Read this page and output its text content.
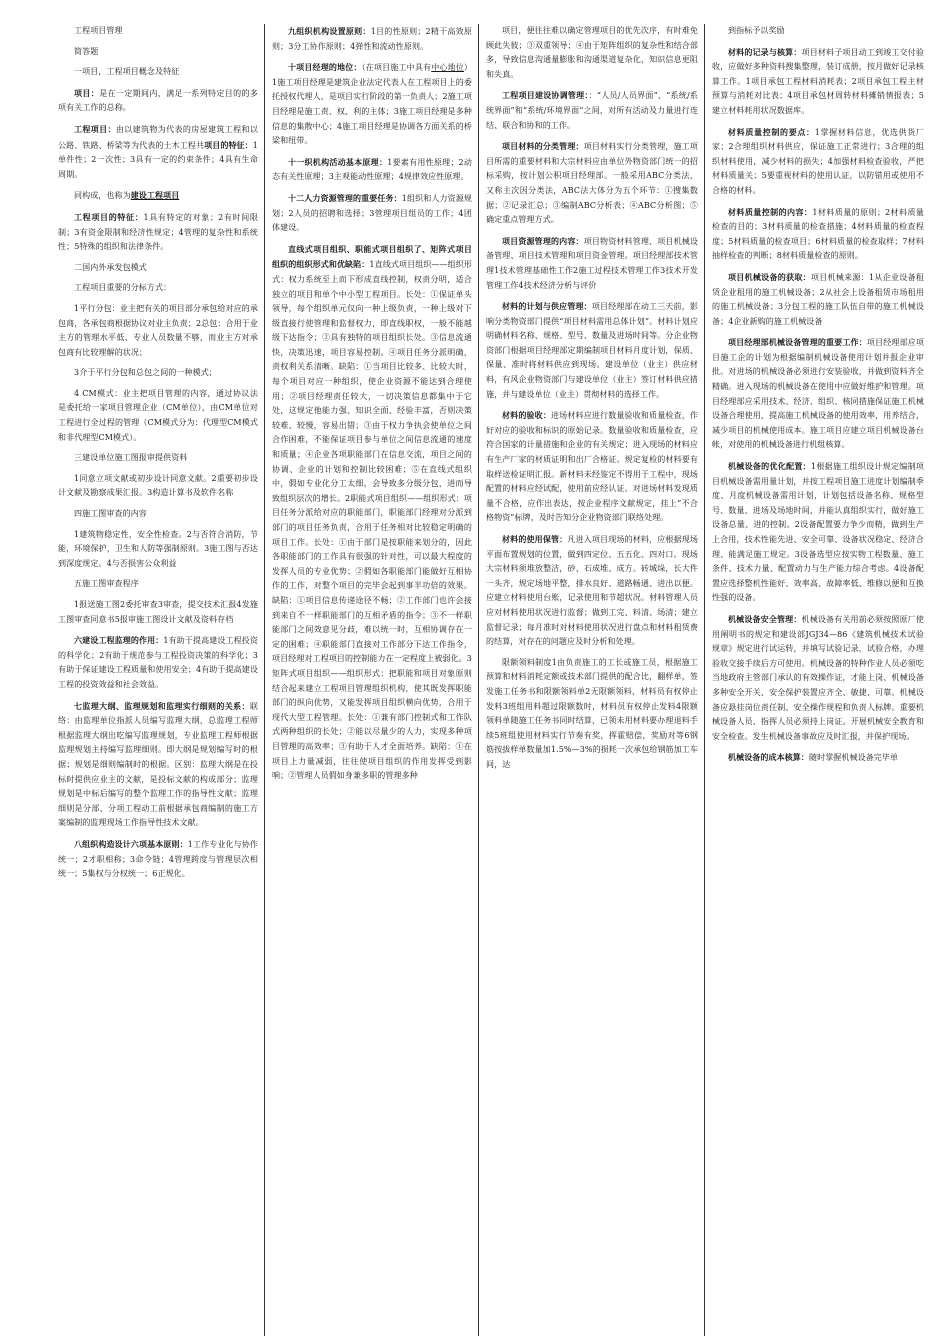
工程项目管理

简答题

一项目，工程项目概念及特征

项目：是在一定期间内，满足一系列特定目的的多项有关工作的总称。

工程项目：由以建筑物为代表的房屋建筑工程和以公路、铁路、桥梁等为代表的土木工程共项目的特征：1单件性；2一次性；3具有一定的约束条件；4具有生命周期。

同构成，也称为建设工程项目

工程项目的特征：1具有特定的对象；2有时间限制；3有资金限制和经济性规定；4管理的复杂性和系统性；5特殊的组织和法律条件。

二国内外承发包模式

工程项目重要的分标方式：

1平行分包：业主把有关的项目部分承包给对应的承包商，各承包商根据协议对业主负责；2总包：合用于业主方的管理水平低、专业人员数量不够，而业主方对承包商有比较理解的状况；

3介于平行分包和总包之间的一种模式；

4 CM模式：业主把项目管理的内容，通过协议法是委托给一家项目管理企业（CM单位），由CM单位对工程进行全过程的管理（CM模式分为：代理型CM模式和非代理型CM模式）。

三建设单位施工图报审提供资料

1同意立项文献或初步设计同意文献。2重要初步设计文献及勘察成果汇报。3构造计算书及软件名称

四施工图审查的内容

1建筑物稳定性，安全性检查。2与否符合消防，节能，环境保护，卫生和人防等强制原则。3施工图与否达到深度规定。4与否损害公众利益

五施工图审查程序

1报送施工图2委托审查3审查，提交技术汇报4发施工图审查同意书5报审施工图设计文献及资料存档

六建设工程监理的作用：1有助于提高建设工程投资的科学化；2有助于规范参与工程投资决策的科学化；3有助于保证建设工程质量和使用安全；4有助于提高建设工程的投资效益和社会效益。

七监理大纲、监理规划和监理实行细则的关系：联络：由监理单位指派人员编写监理大纲，总监理工程师根据监理大纲出吃编写监理规划，专业监理工程师根据监理规划主持编写监理细则。即大纲是规划编写时的根据；规划是细则编制时的根据。区别：监理大纲是在投标时提供应业主的文献，是投标文献的构成部分；监理规划是中标后编写的整个监理工作的指导性文献；监理细则是分部、分项工程动工前根据承包商编制的施工方案编制的监理现场工作指导性技术文献。

八组织构造设计六项基本原则：1工作专业化与协作统一；2才职相称；3命令链；4管理跨度与管理层次相统一；5集权与分权统一；6正规化。

九组织机构设置原则：1目的性原则；2精干高效原则；3分工协作原则；4弹性和流动性原则。

十项目经理的地位：（在项目施工中具有中心地位）1施工项目经理是建筑企业法定代表人在工程项目上的委托授权代理人，是项目实行阶段的第一负责人；2施工项目经理是施工责、权、利的主体；3施工项目经理是多种信息的集散中心；4施工项目经理是协调各方面关系的桥梁和纽带。

十一织机构活动基本原理：1要素有用性原理；2动态有关性原理；3主观能动性原理；4规律效应性原理。

十二人力资源管理的重要任务：1组织和人力资源规划；2人员的招聘和选择；3管理项目组员的工作；4团体建设。

直线式项目组织、职能式项目组织了、矩阵式项目组织的组织形式和优缺陷：1直线式项目组织——组织形式：权力系统至上而下形成直线控制，权责分明，适合独立的项目和单个中小型工程项目。长处：①保证单头领导，每个组织单元仅向一种上级负责，一种上级对下级直接行使管理和监督权力，即直线职权，一般不能越级下达指令；②具有独特的项目组织长处。③信息流通快，决策迅速，项目容易控制。④项目任务分派明确，责权利关系清晰。缺陷：①当项目比较多、比较大时，每个项目对应一种组织，使企业资源不能达到合理使用；②项目经理责任较大，一切决策信息都集中于它处，这规定他能力强、知识全面、经验丰富，否则决策较难、较慢，容易出错；③由于权力争执会使单位之间合作困难，不能保证项目参与单位之间信息流通的速度和质量；④企业各项职能部门在信息交流，项目之间的协调、企业的计划和控制比较困难；⑤在直线式组织中，假如专业化分工太细，会导致多分级分包，进而导致组织层次的增长。2职能式项目组织——组织形式：项目任务分派给对应的职能部门，职能部门经理对分派到部门的项目任务负责，合用于任务相对比较稳定明确的项目工作。长处：①由于部门是按职能来划分的，因此各职能部门的工作具有很强的针对性，可以最大程度的发挥人员的专业优势；②假如各职能部门能做好互相协作的工作，对整个项目的完毕会起到事半功倍的效果。缺陷：①项目信息传递途径不畅；②工作部门也许会接到来自不一样职能部门的互相矛盾的指令；③不一样职能部门之间效意见分歧，难以统一时，互相协调存在一定的困难；④职能部门直接对工作部分下达工作指令，项目经理对工程项目的控制能力在一定程度上被弱化。3矩阵式项目组织——组织形式：把职能和项目对象原则结合起来建立工程项目管理组织机构，使其既发挥职能部门的纵向优势，又能发挥项目组织横向优势，合用于现代大型工程管理。长处：①兼有部门控制式和工作队式两种组织的长处；②能以尽量少的人力，实现多种项目管理的高效率；③有助于人才全面培养。缺陷：①在项目上力量减弱，往往使项目组织的作用发挥受到影响；②管理人员假如身兼多职的管理多种

项目，便往往难以确定管理项目的优先次序，有时难免顾此失彼；③双重领导；④由于矩阵组织的复杂性和结合部多，导致信息沟通量膨胀和沟通渠道复杂化，知识信息更阻和失真。

工程项目建设协调管理：：“人员/人员界面”、“系统/系统界面”和“系统/环境界面”之间，对所有活动及力量进行连结、联合和协和的工作。

项目材料的分类管理：项目材料实行分类管理，施工项目所需的重要材料和大宗材料应由单位外物资部门统一的招标采购，按计划公积项目经理部。一般采用ABC分类法，又称主次因分类法，ABC法大体分为五个环节：①搜集数据；②记录汇总；③编制ABC分析表；④ABC分析图；⑤确定重点管理方式。

项目资源管理的内容：项目物资材料管理、项目机械设备管理、项目技术管理和项目资金管理。项目经理部技术管理1技术管理基础性工作2施工过程技术管理工作3技术开发管理工作4技术经济分析与评价

材料的计划与供应管理：项目经理部在动工三天前，影响分类物资部门提供“项目材料需用总体计划”。材料计划应明确材料名称、规格、型号、数量及进场时间等。分企业物资部门根据项目经理部定期编制项目材料月度计划，保质、保量、准时将材料供应到现场。建设单位（业主）供应材料，有风企业物资部门与建设单位（业主）签订材料供应措施，并与建设单位（业主）贯彻材料的选择工作。

材料的验收：进场材料应进行数量验收和质量检查，作好对应的验收和标识的原始记录。数量验收和质量检查，应符合国家的计量措施和企业的有关规定；进入现场的材料应有生产厂家的材质证明和出厂合格证。规定复检的材料要有取样送检证明汇报。新材料未经鉴定不得用于工程中，现场配置的材料应经试配，使用前应经认证。对进场材料发现质量不合格，应作出表达，按企业程序文献规定，挂上“不合格物资”标牌，及时告知分企业物资部门联络处理。

材料的使用保管：凡进入项目现场的材料，应根据现场平面布置规划的位置，做到四定位、五五化、四对口。现场大宗材料须堆放整洁，砂、石成堆、成方。砖城垛，长大件一头齐，规定场地平整，排水良好、道路畅通、进出以便。应建立材料使用台账，记录使用和节超状况。材料管理人员应对材料使用状况进行监督；做到工完、料清、场清；建立监督记录；每月准时对材料使用状况进行盘点和材料租赁费的结算，对存在的问题应及时分析和处理。

限额领料制度1由负责施工的工长或施工员，根据施工预算和材料消耗定额或技术部门提供的配合比，翻样单，签发施工任务书和限额领料单2无限额领料，材料员有权停止发料3班组用料超过限额数时，材料员有权停止发料4限额领料单随施工任务书同时结算，已领未用材料要办理退料手续5班组使用材料实行节奏有奖，挥霍赔偿，奖励对等6钢筋按拔样单数量加1.5%—3%的损耗一次承包给钢筋加工车间，达

到指标予以奖励

材料的记录与核算：项目材料子项目动工到竣工交付验收，应做好多种资料搜集整理，装订成册，按月做好记录核算工作。1项目承包工程材料消耗表；2项目承包工程主材预算与消耗对比表；4项目承包材周转材料摊销情报表；5建立材料耗用状况数据库。

材料质量控制的要点：1掌握材料信息，优选供货厂家；2合理组织材料供应，保证施工正常进行；3合理的组织材料使用，减少材料的损失；4加强材料检查验收，严把材料质量关；5要重视材料的使用认证，以防错用或使用不合格的材料。

材料质量控制的内容：1材料质量的原则；2材料质量检查的目的；3材料质量的检查措施；4材料质量的检查程度；5材料质量的检查项目；6材料质量的检查取样；7材料抽样检查的判断；8材料质量检查的原则。

项目机械设备的获取：项目机械来源：1从企业设备租赁企业租用的施工机械设备；2从社会上设备租赁市场租用的施工机械设备；3分包工程的施工队伍自带的施工机械设备；4企业新购的施工机械设备

项目经理部机械设备管理的重要工作：项目经理部应项目施工企的计划为根据编制机械设备使用计划并报企业审批。对进场的机械设备必须进行安装验收，并做到资料齐全精确。进入现场的机械设备在使用中应做好维护和管理。项目经理部应采用技术、经济、组织、核同措施保证施工机械设备合理使用，提高施工机械设备的使用效率，用养结合，减少项目的机械使用成本。施工项目应建立项目机械设备台帐，对使用的机械设备进行机组核算。

机械设备的优化配置：1根据施工组织设计规定编制项目机械设备需用量计划，并按工程项目施工进度计划编制季度、月度机械设备需用计划，计划包括设备名称、规格型号、数量、进场及场地时间，并能认真组织实行，做好施工设备总量、进的控制。2设备配置要力争少而精，做到生产上合用，技术性能先进、安全可靠、设备状况稳定、经济合理、能满足施工规定。3设备选型应按实物工程数量、施工条件、技术力量、配置动力与生产能力综合考虑。4设备配置应选择整机性能好、效率高、故障率低、维修以便和互换性强的设备。

机械设备安全管理：机械设备有关用前必须按照原厂使用阐明书的规定和建设部JGJ34—86《建筑机械技术试验规章》规定进行试运转，并填写试验记录，试验合格，办理验收交接手续后方可使用。机械设备的特种作业人员必须吃当地政府主管部门承认的有效操作证，才能上岗、机械设备多种安全开关、安全保护装置应齐全、敏捷、可靠。机械设备应悬挂岗位责任制、安全操作规程和负责人标牌。重要机械设备人员、指挥人员必须持上岗证。开展机械安全教育和安全检查。发生机械设备事故应及时汇报，并保护现场。

机械设备的成本核算：随时掌握机械设备完毕单
